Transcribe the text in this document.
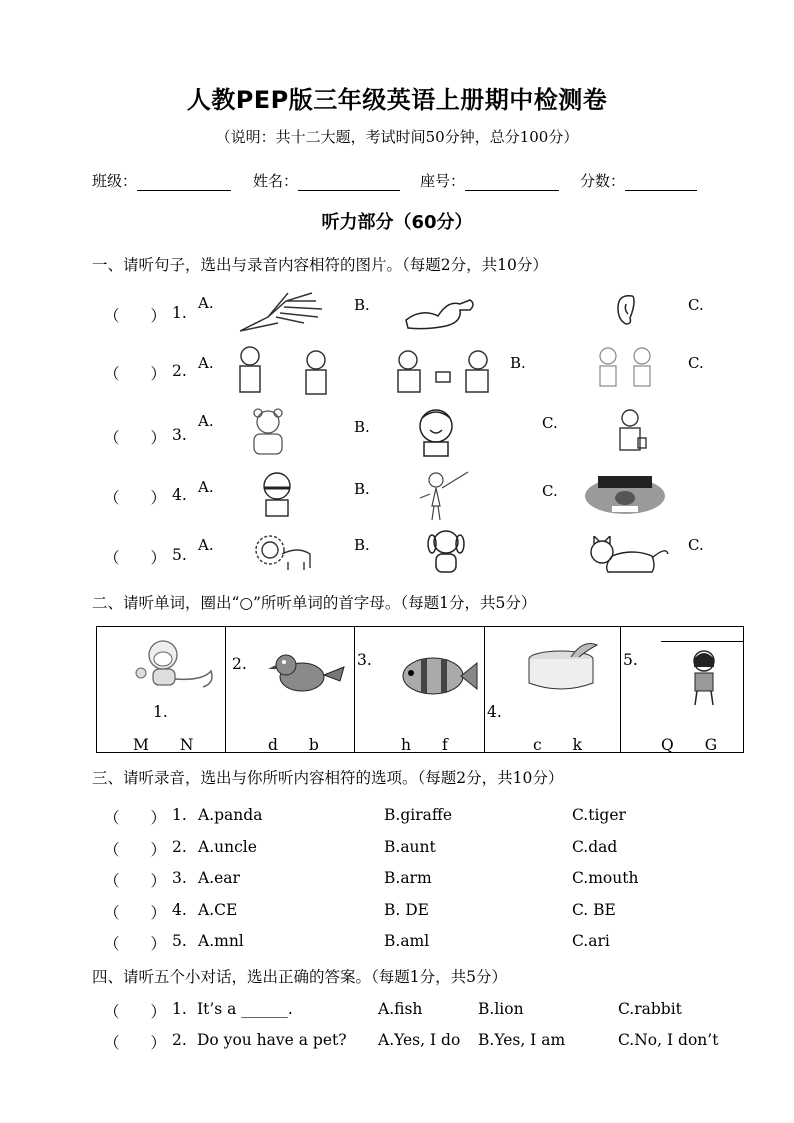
人教PEP版三年级英语上册期中检测卷
（说明：共十二大题，考试时间50分钟，总分100分）
班级：	姓名：	座号：	分数：
听力部分（60分）
一、请听句子，选出与录音内容相符的图片。（每题2分，共10分）
（　　） 1.
A.	B.	C.
（　　） 2. A.	B.	C.
（　　） 3.
A.	B.	C.
（　　） 4. A.	B.	C.
（　　） 5.
A.	B.	C.
二、请听单词，圈出“○”所听单词的首字母。（每题1分，共5分）
1.
M　　N

2.
d　　b

3.
h　　f

4.
c　　k

5.
Q　　G
三、请听录音，选出与你所听内容相符的选项。（每题2分，共10分）
（　　） 1. A.panda	B.giraffe	C.tiger
（　　） 2. A.uncle	B.aunt	C.dad
（　　） 3. A.ear	B.arm	C.mouth
（　　） 4. A.CE	B. DE	C. BE
（　　） 5. A.mnl	B.aml	C.ari
四、请听五个小对话，选出正确的答案。（每题1分，共5分）
（　　） 1. It’s a ______.	A.fish	B.lion	C.rabbit
（　　） 2. Do you have a pet? A.Yes, I do B.Yes, I am	C.No, I don’t
